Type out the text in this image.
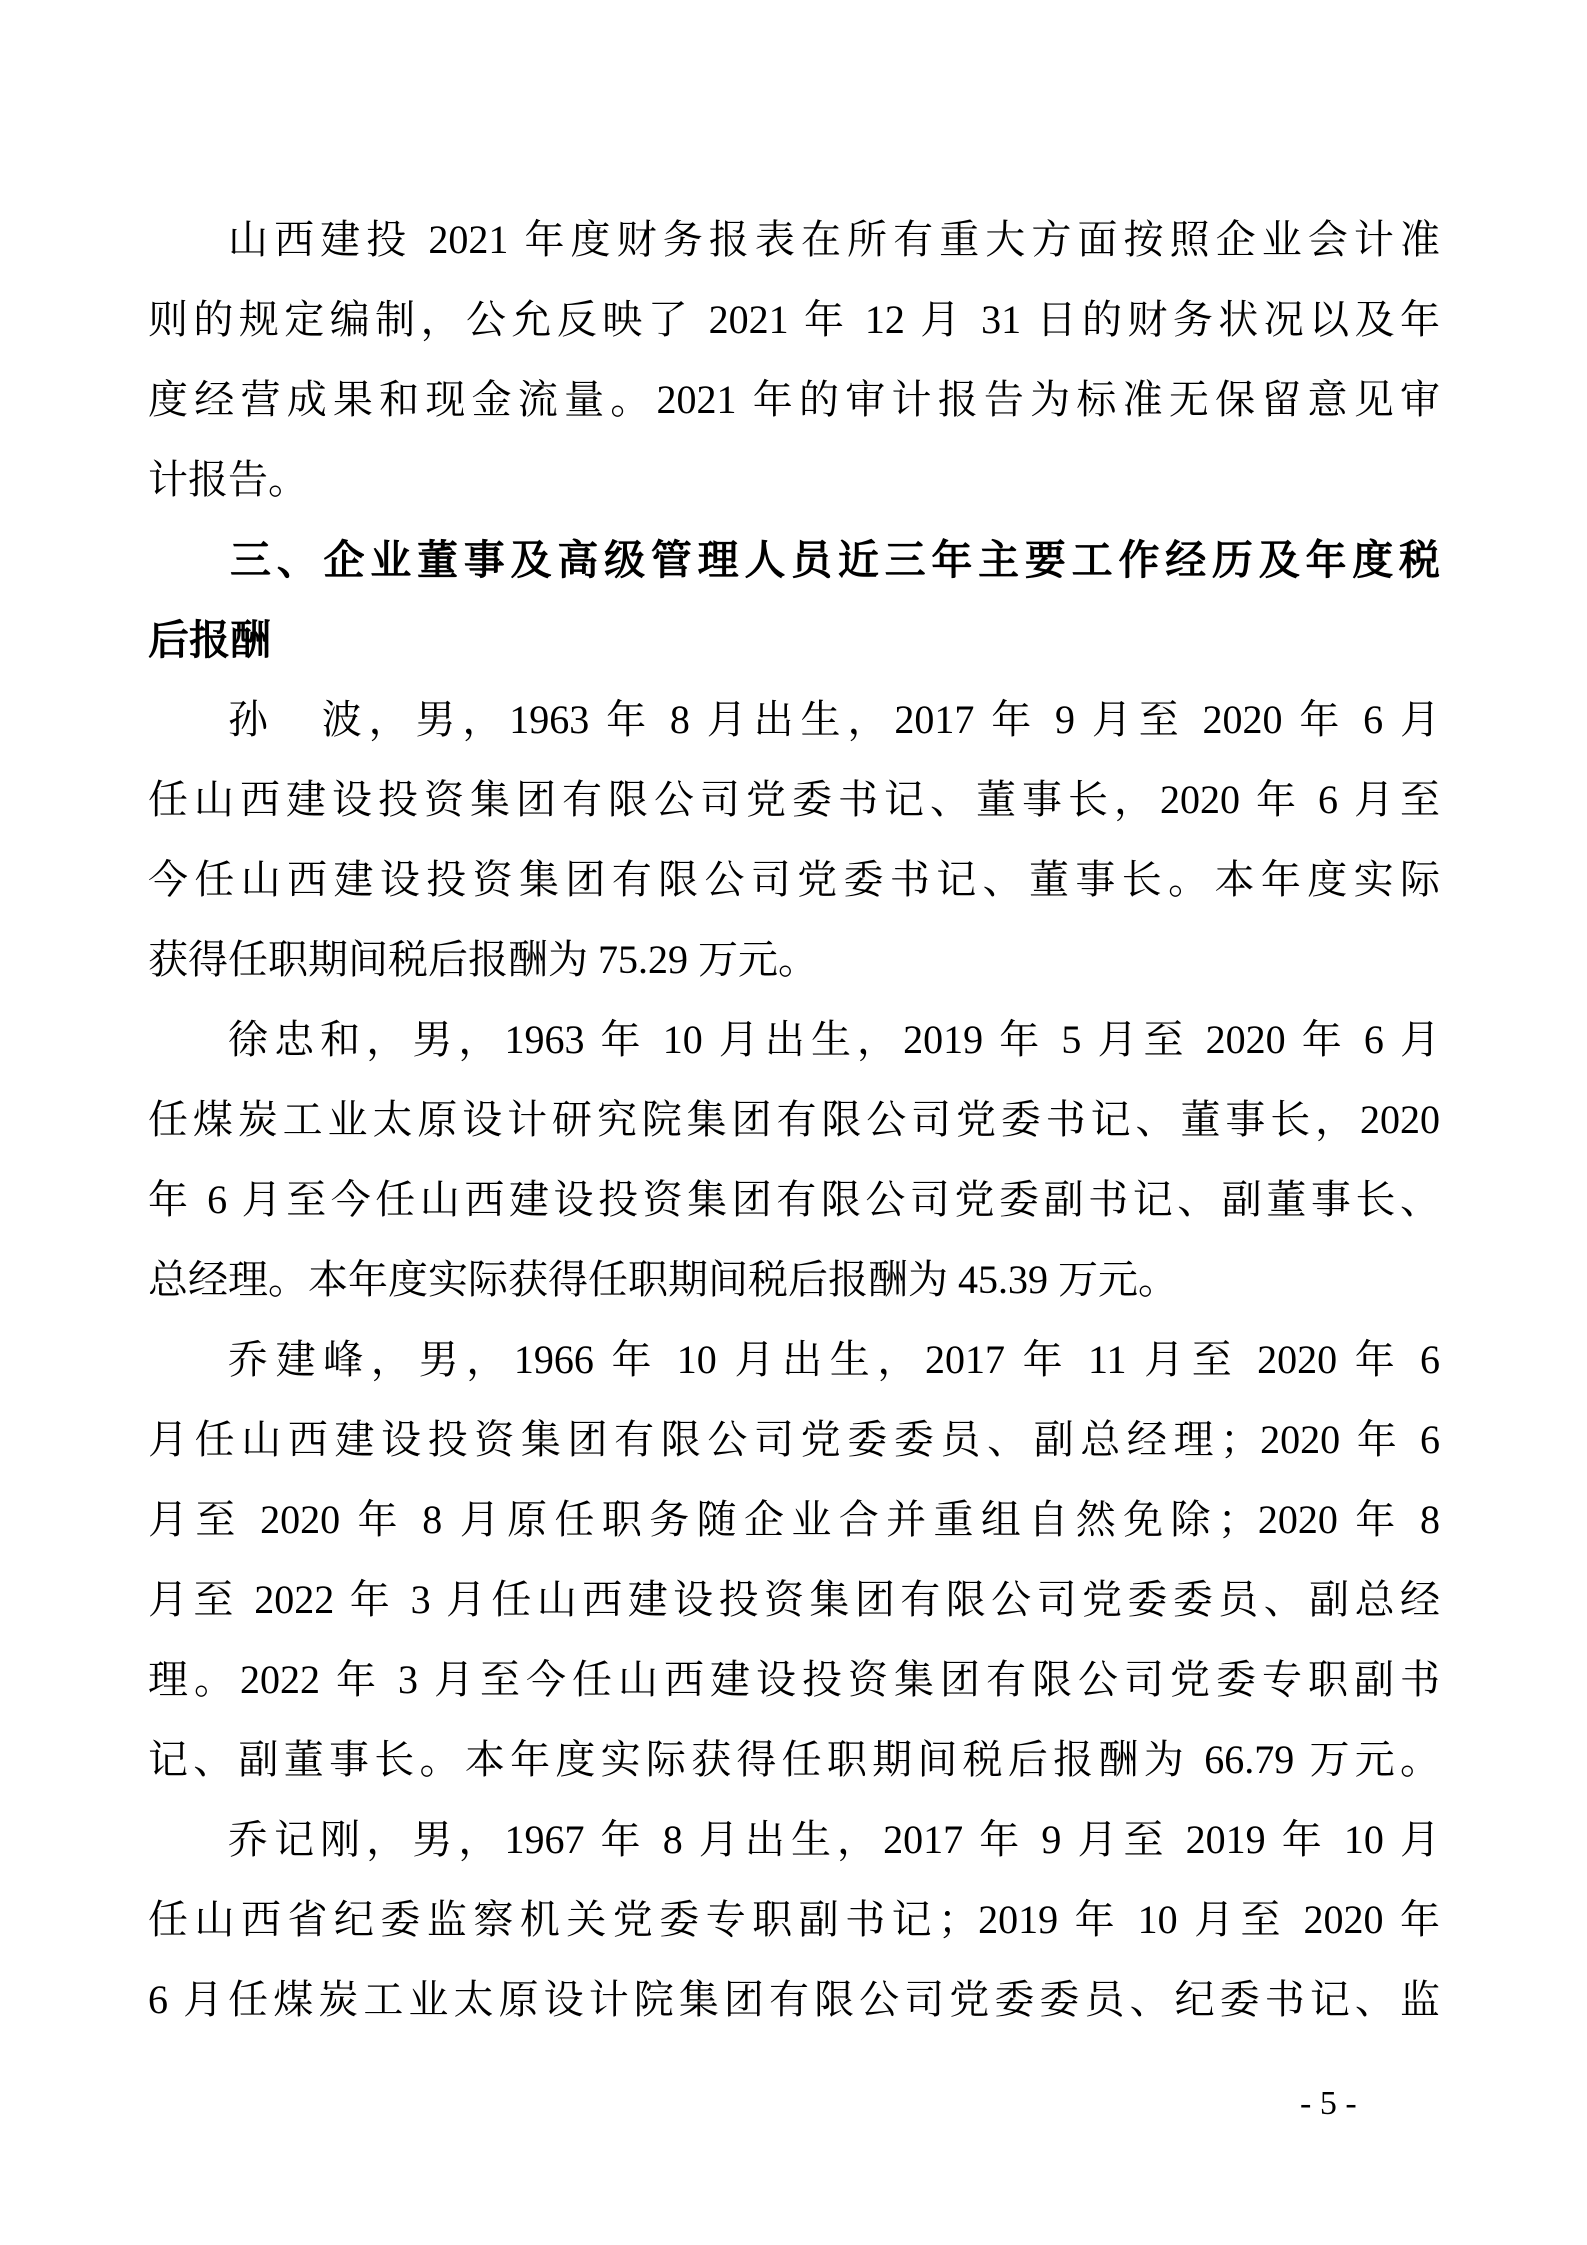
山西建投 2021 年度财务报表在所有重大方面按照企业会计准
则的规定编制，公允反映了 2021 年 12 月 31 日的财务状况以及年
度经营成果和现金流量。2021 年的审计报告为标准无保留意见审
计报告。
三、企业董事及高级管理人员近三年主要工作经历及年度税
后报酬
孙　波，男，1963 年 8 月出生，2017 年 9 月至 2020 年 6 月
任山西建设投资集团有限公司党委书记、董事长，2020 年 6 月至
今任山西建设投资集团有限公司党委书记、董事长。本年度实际
获得任职期间税后报酬为 75.29 万元。
徐忠和，男，1963 年 10 月出生，2019 年 5 月至 2020 年 6 月
任煤炭工业太原设计研究院集团有限公司党委书记、董事长，2020
年 6 月至今任山西建设投资集团有限公司党委副书记、副董事长、
总经理。本年度实际获得任职期间税后报酬为 45.39 万元。
乔建峰，男，1966 年 10 月出生，2017 年 11 月至 2020 年 6
月任山西建设投资集团有限公司党委委员、副总经理；2020 年 6
月至 2020 年 8 月原任职务随企业合并重组自然免除；2020 年 8
月至 2022 年 3 月任山西建设投资集团有限公司党委委员、副总经
理。2022 年 3 月至今任山西建设投资集团有限公司党委专职副书
记、副董事长。本年度实际获得任职期间税后报酬为 66.79 万元。
乔记刚，男，1967 年 8 月出生，2017 年 9 月至 2019 年 10 月
任山西省纪委监察机关党委专职副书记；2019 年 10 月至 2020 年
6 月任煤炭工业太原设计院集团有限公司党委委员、纪委书记、监
- 5 -
